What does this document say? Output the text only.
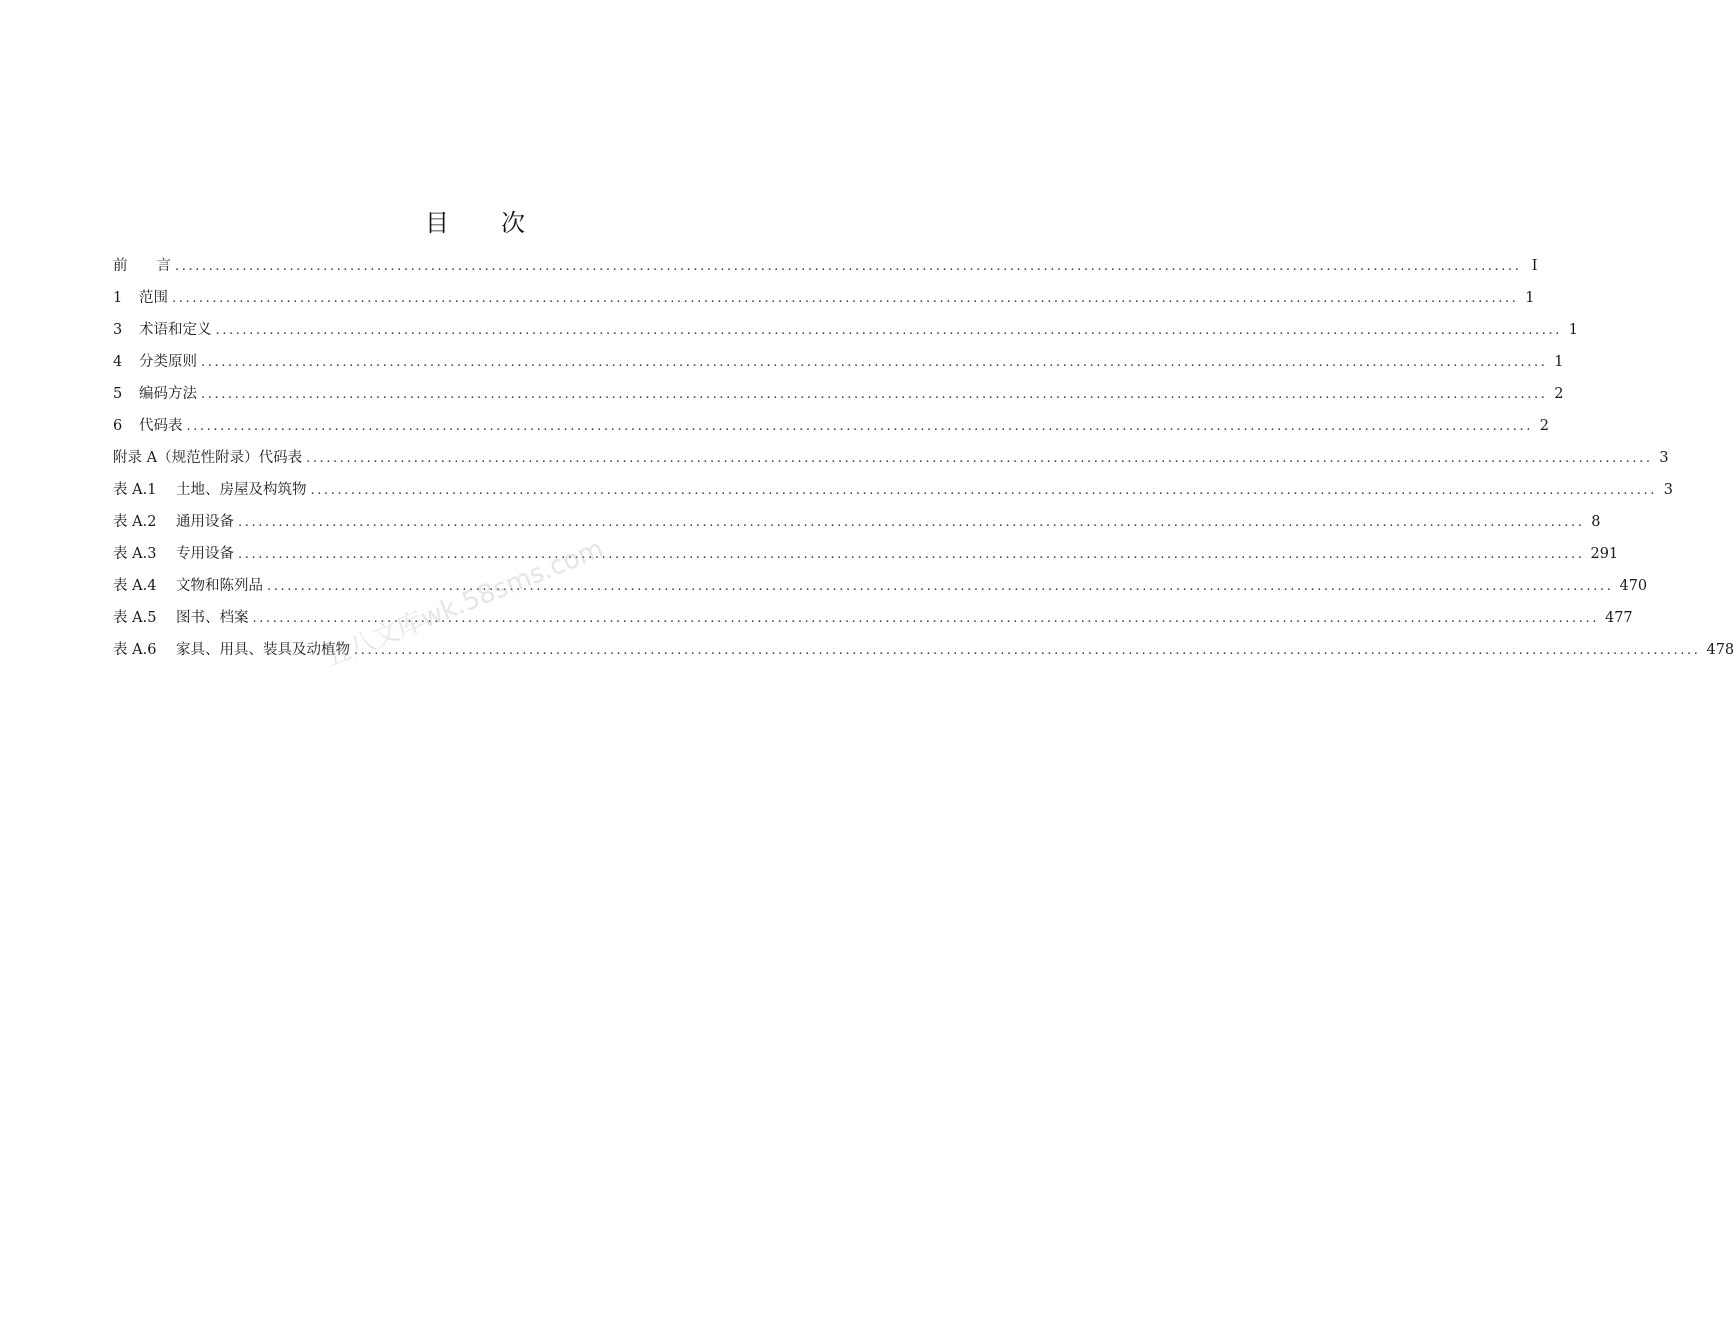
目 次
前　　言 ........................................................................................................................................................................................................ I
1 范围 ........................................................................................................................................................................................................ 1
3 术语和定义 ........................................................................................................................................................................................................ 1
4 分类原则 ........................................................................................................................................................................................................ 1
5 编码方法 ........................................................................................................................................................................................................ 2
6 代码表 ........................................................................................................................................................................................................ 2
附录 A（规范性附录）代码表 ........................................................................................................................................................................................................ 3
表 A.1 土地、房屋及构筑物 ........................................................................................................................................................................................................ 3
表 A.2 通用设备 ........................................................................................................................................................................................................ 8
表 A.3 专用设备 ........................................................................................................................................................................................................ 291
表 A.4 文物和陈列品 ........................................................................................................................................................................................................ 470
表 A.5 图书、档案 ........................................................................................................................................................................................................ 477
表 A.6 家具、用具、装具及动植物 ........................................................................................................................................................................................................ 478
五八文库wk.58sms.com
